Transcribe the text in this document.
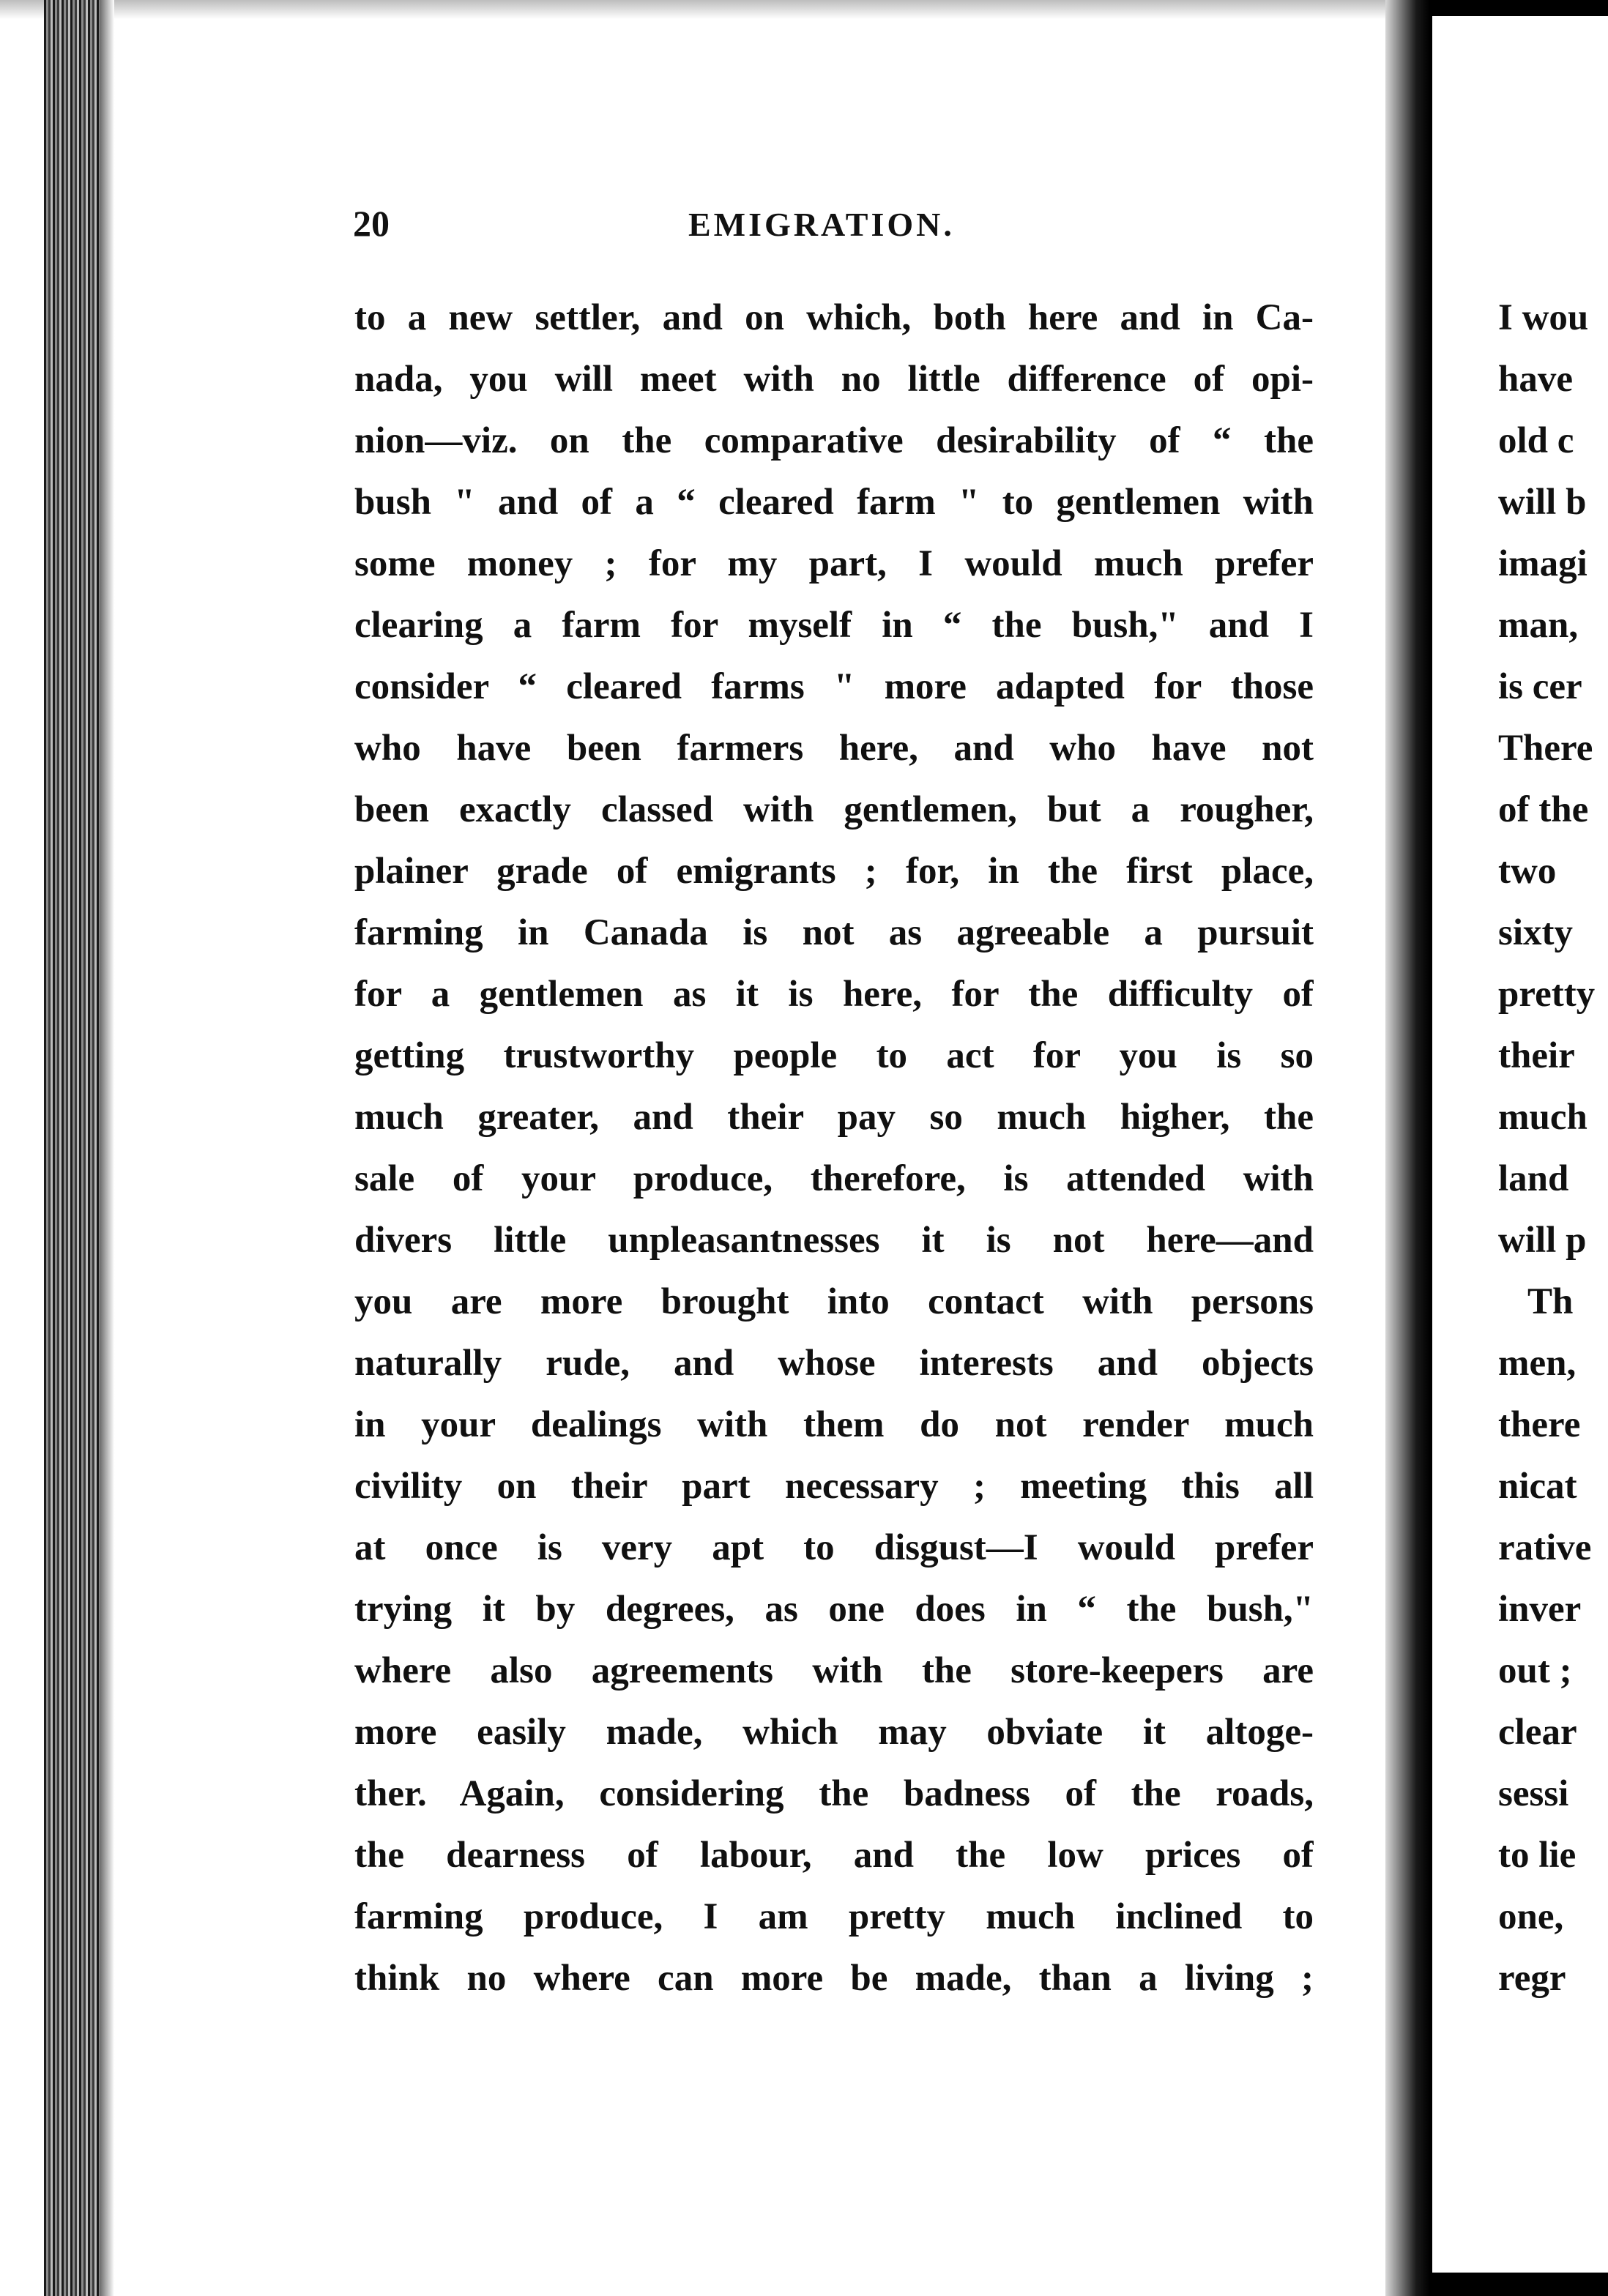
20	EMIGRATION.
to a new settler, and on which, both here and in Ca-
nada, you will meet with no little difference of opi-
nion—viz. on the comparative desirability of “ the
bush " and of a “ cleared farm " to gentlemen with
some money ; for my part, I would much prefer
clearing a farm for myself in “ the bush," and I
consider “ cleared farms " more adapted for those
who have been farmers here, and who have not
been exactly classed with gentlemen, but a rougher,
plainer grade of emigrants ; for, in the first place,
farming in Canada is not as agreeable a pursuit
for a gentlemen as it is here, for the difficulty of
getting trustworthy people to act for you is so
much greater, and their pay so much higher, the
sale of your produce, therefore, is attended with
divers little unpleasantnesses it is not here—and
you are more brought into contact with persons
naturally rude, and whose interests and objects
in your dealings with them do not render much
civility on their part necessary ; meeting this all
at once is very apt to disgust—I would prefer
trying it by degrees, as one does in “ the bush,"
where also agreements with the store-keepers are
more easily made, which may obviate it altoge-
ther. Again, considering the badness of the roads,
the dearness of labour, and the low prices of
farming produce, I am pretty much inclined to
think no where can more be made, than a living ;
I wou
have
old c
will b
imagi
man,
is cer
There
of the
two
sixty
pretty
their
much
land
will p
Th
men,
there
nicat
rative
inver
out ;
clear
sessi
to lie
one,
regr
